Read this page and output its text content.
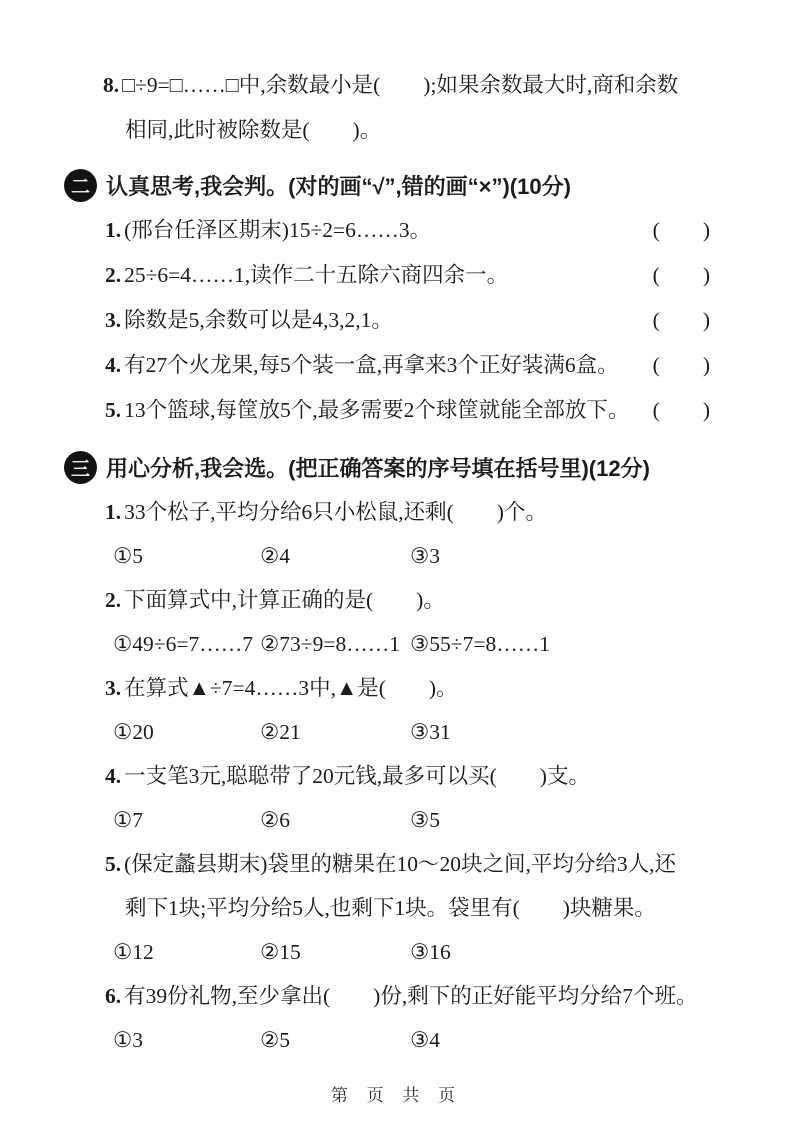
8. □÷9=□……□中,余数最小是(　　);如果余数最大时,商和余数
相同,此时被除数是(　　)。
二 认真思考,我会判。(对的画“√”,错的画“×”)(10分)
1. (邢台任泽区期末)15÷2=6……3。	(　　)
2. 25÷6=4……1,读作二十五除六商四余一。	(　　)
3. 除数是5,余数可以是4,3,2,1。	(　　)
4. 有27个火龙果,每5个装一盒,再拿来3个正好装满6盒。 (　　)
5. 13个篮球,每筐放5个,最多需要2个球筐就能全部放下。 (　　)
三 用心分析,我会选。(把正确答案的序号填在括号里)(12分)
1. 33个松子,平均分给6只小松鼠,还剩(　　)个。
①5	②4	③3
2. 下面算式中,计算正确的是(　　)。
①49÷6=7……7 ②73÷9=8……1 ③55÷7=8……1
3. 在算式▲÷7=4……3中,▲是(　　)。
①20	②21	③31
4. 一支笔3元,聪聪带了20元钱,最多可以买(　　)支。
①7	②6	③5
5. (保定蠡县期末)袋里的糖果在10～20块之间,平均分给3人,还
剩下1块;平均分给5人,也剩下1块。袋里有(　　)块糖果。
①12	②15	③16
6. 有39份礼物,至少拿出(　　)份,剩下的正好能平均分给7个班。
①3	②5	③4
第 页 共 页
